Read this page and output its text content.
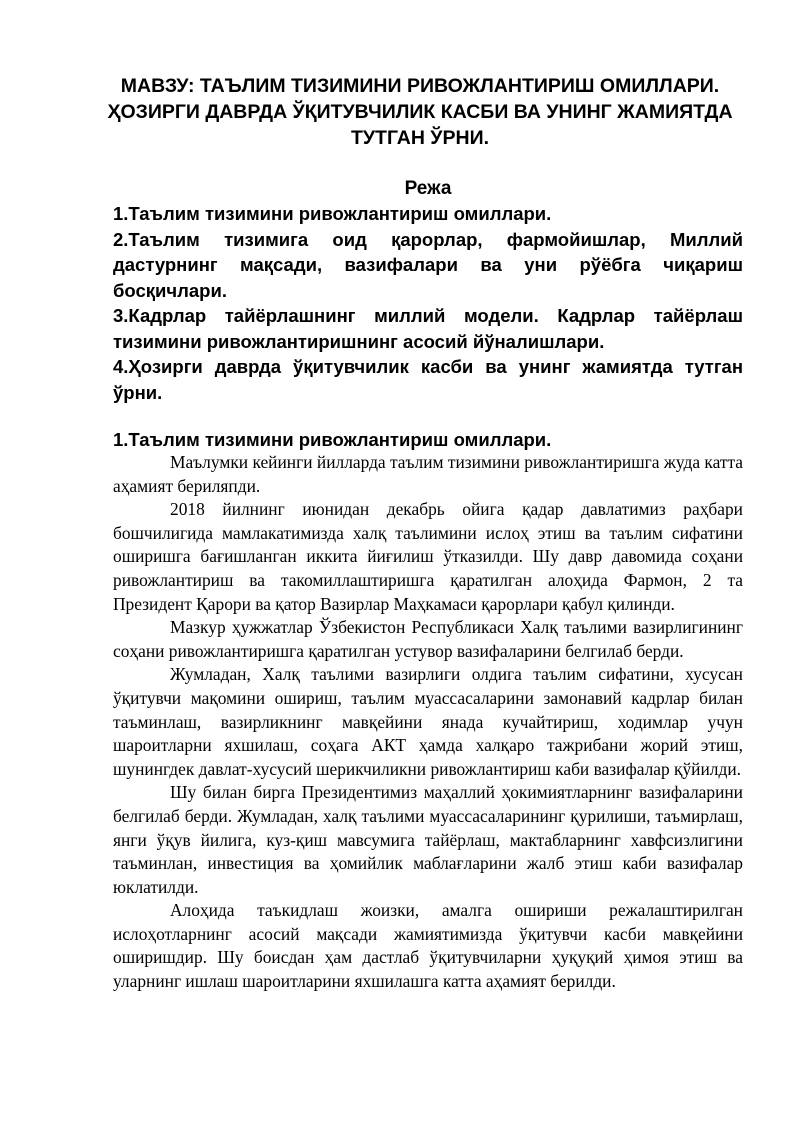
МАВЗУ: ТАЪЛИМ ТИЗИМИНИ РИВОЖЛАНТИРИШ ОМИЛЛАРИ. ҲОЗИРГИ ДАВРДА ЎҚИТУВЧИЛИК КАСБИ ВА УНИНГ ЖАМИЯТДА ТУТГАН ЎРНИ.
Режа
1.Таълим тизимини ривожлантириш омиллари.
2.Таълим тизимига оид қарорлар, фармойишлар, Миллий дастурнинг мақсади, вазифалари ва уни рўёбга чиқариш босқичлари.
3.Кадрлар тайёрлашнинг миллий модели. Кадрлар тайёрлаш тизимини ривожлантиришнинг асосий йўналишлари.
4.Ҳозирги даврда ўқитувчилик касби ва унинг жамиятда тутган ўрни.
1.Таълим тизимини ривожлантириш омиллари.

Маълумки кейинги йилларда таълим тизимини ривожлантиришга жуда катта аҳамият бериляпди.

2018 йилнинг июнидан декабрь ойига қадар давлатимиз раҳбари бошчилигида мамлакатимизда халқ таълимини ислоҳ этиш ва таълим сифатини оширишга бағишланган иккита йиғилиш ўтказилди. Шу давр давомида соҳани ривожлантириш ва такомиллаштиришга қаратилган алоҳида Фармон, 2 та Президент Қарори ва қатор Вазирлар Маҳкамаси қарорлари қабул қилинди.

Мазкур ҳужжатлар Ўзбекистон Республикаси Халқ таълими вазирлигининг соҳани ривожлантиришга қаратилган устувор вазифаларини белгилаб берди.

Жумладан, Халқ таълими вазирлиги олдига таълим сифатини, хусусан ўқитувчи мақомини ошириш, таълим муассасаларини замонавий кадрлар билан таъминлаш, вазирликнинг мавқейини янада кучайтириш, ходимлар учун шароитларни яхшилаш, соҳага АКТ ҳамда халқаро тажрибани жорий этиш, шунингдек давлат-хусусий шерикчиликни ривожлантириш каби вазифалар қўйилди.

Шу билан бирга Президентимиз маҳаллий ҳокимиятларнинг вазифаларини белгилаб берди. Жумладан, халқ таълими муассасаларининг қурилиши, таъмирлаш, янги ўқув йилига, куз-қиш мавсумига тайёрлаш, мактабларнинг хавфсизлигини таъминлан, инвестиция ва ҳомийлик маблағларини жалб этиш каби вазифалар юклатилди.

Алоҳида таъкидлаш жоизки, амалга ошириши режалаштирилган ислоҳотларнинг асосий мақсади жамиятимизда ўқитувчи касби мавқейини оширишдир. Шу боисдан ҳам дастлаб ўқитувчиларни ҳуқуқий ҳимоя этиш ва уларнинг ишлаш шароитларини яхшилашга катта аҳамият берилди.
